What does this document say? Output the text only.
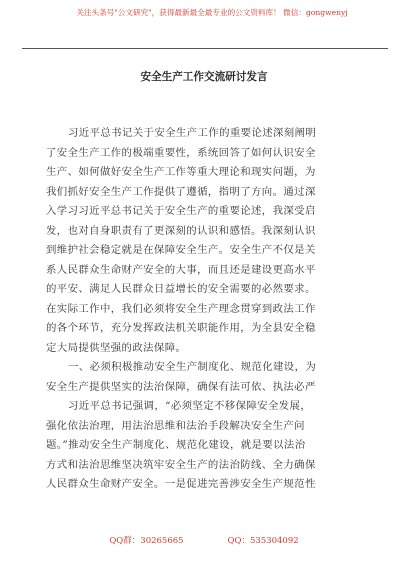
关注头条号"公文研究"，获得最新最全最专业的公文资料库！ 微信：gongwenyj
安全生产工作交流研讨发言
习近平总书记关于安全生产工作的重要论述深刻阐明
了安全生产工作的极端重要性，系统回答了如何认识安全
生产、如何做好安全生产工作等重大理论和现实问题，为
我们抓好安全生产工作提供了遵循，指明了方向。通过深
入学习习近平总书记关于安全生产的重要论述，我深受启
发，也对自身职责有了更深刻的认识和感悟。我深刻认识
到维护社会稳定就是在保障安全生产。安全生产不仅是关
系人民群众生命财产安全的大事，而且还是建设更高水平
的平安、满足人民群众日益增长的安全需要的必然要求。
在实际工作中，我们必须将安全生产理念贯穿到政法工作
的各个环节，充分发挥政法机关职能作用，为全县安全稳
定大局提供坚强的政法保障。
一、必须积极推动安全生产制度化、规范化建设，为
安全生产提供坚实的法治保障，确保有法可依、执法必严
习近平总书记强调，“必须坚定不移保障安全发展，
强化依法治理，用法治思维和法治手段解决安全生产问
题。”推动安全生产制度化、规范化建设，就是要以法治
方式和法治思维坚决筑牢安全生产的法治防线、全力确保
人民群众生命财产安全。一是促进完善涉安全生产规范性
QQ群：30265665	QQ：535304092
